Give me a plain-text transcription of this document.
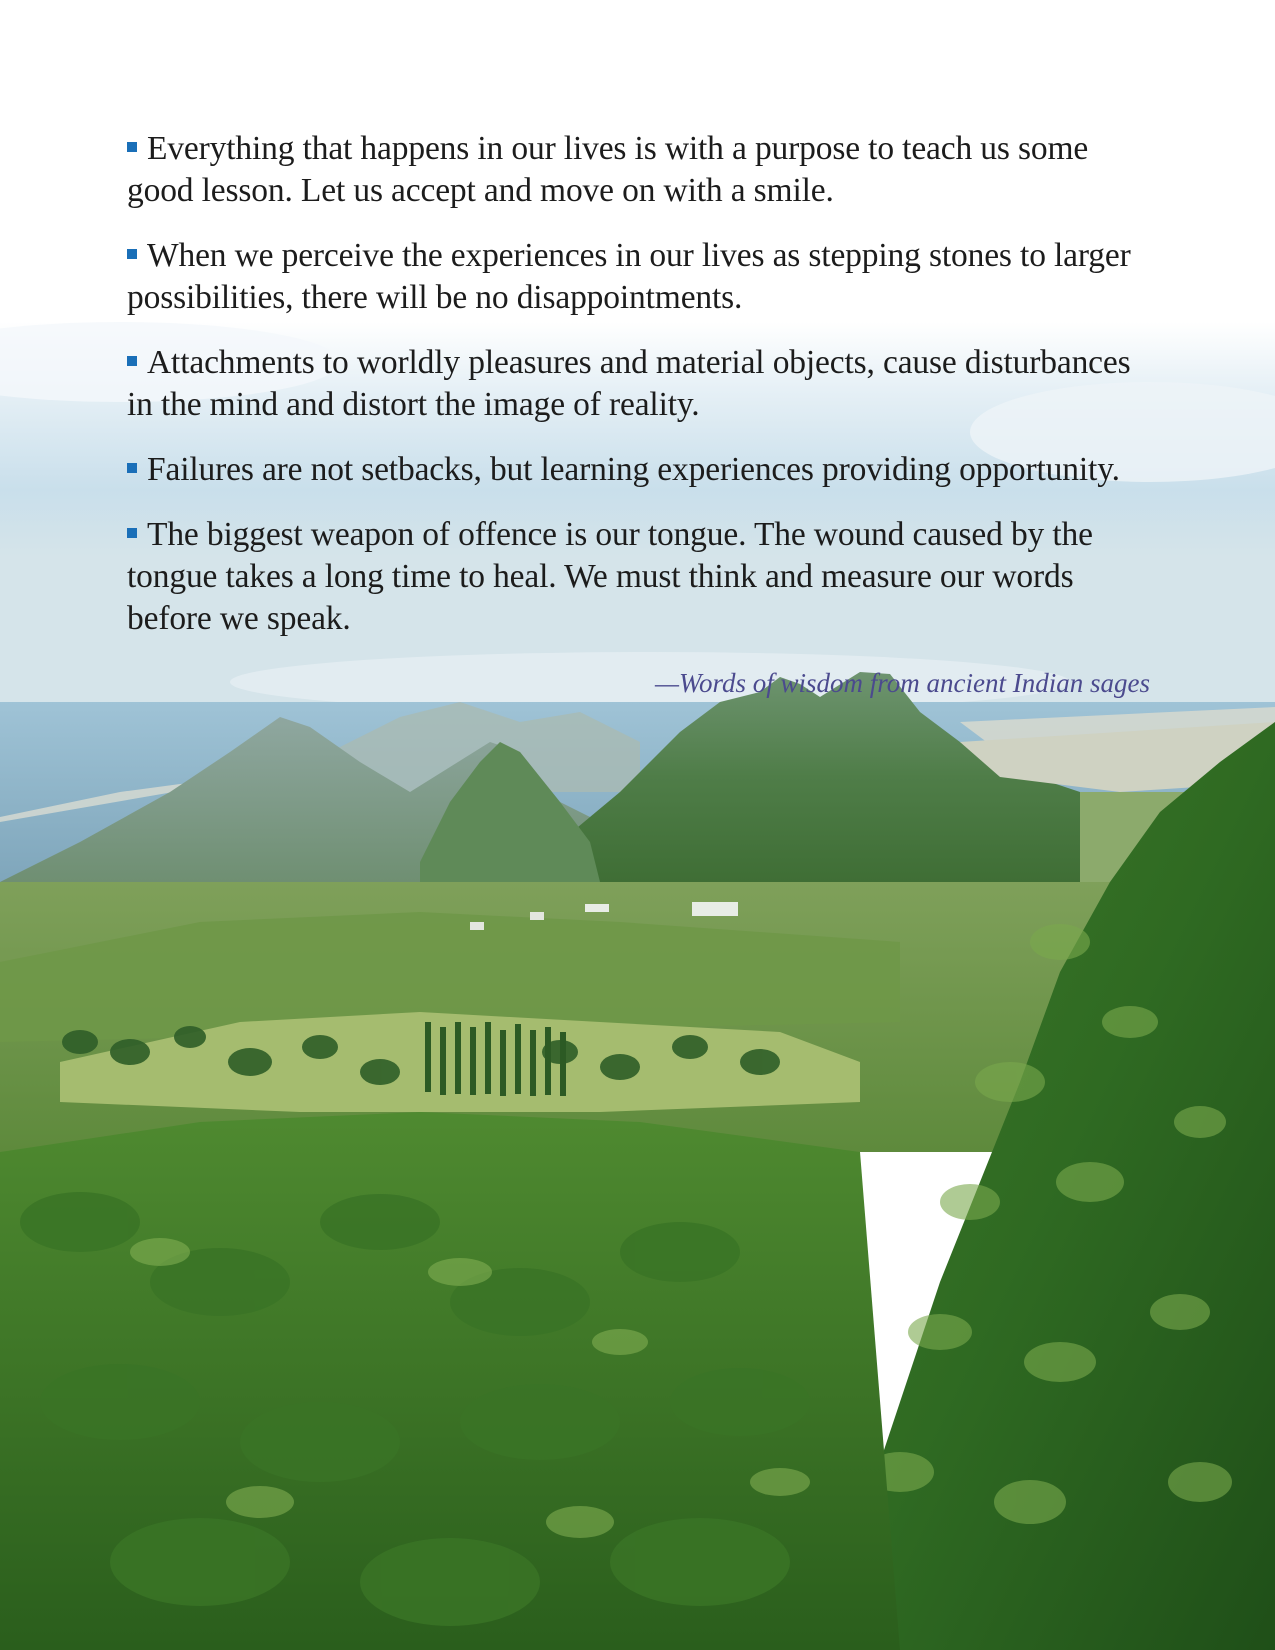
Everything that happens in our lives is with a purpose to teach us some good lesson. Let us accept and move on with a smile.

When we perceive the experiences in our lives as stepping stones to larger possibilities, there will be no disappointments.

Attachments to worldly pleasures and material objects, cause disturbances in the mind and distort the image of reality.

Failures are not setbacks, but learning experiences providing opportunity.

The biggest weapon of offence is our tongue. The wound caused by the tongue takes a long time to heal. We must think and measure our words before we speak.

—Words of wisdom from ancient Indian sages
